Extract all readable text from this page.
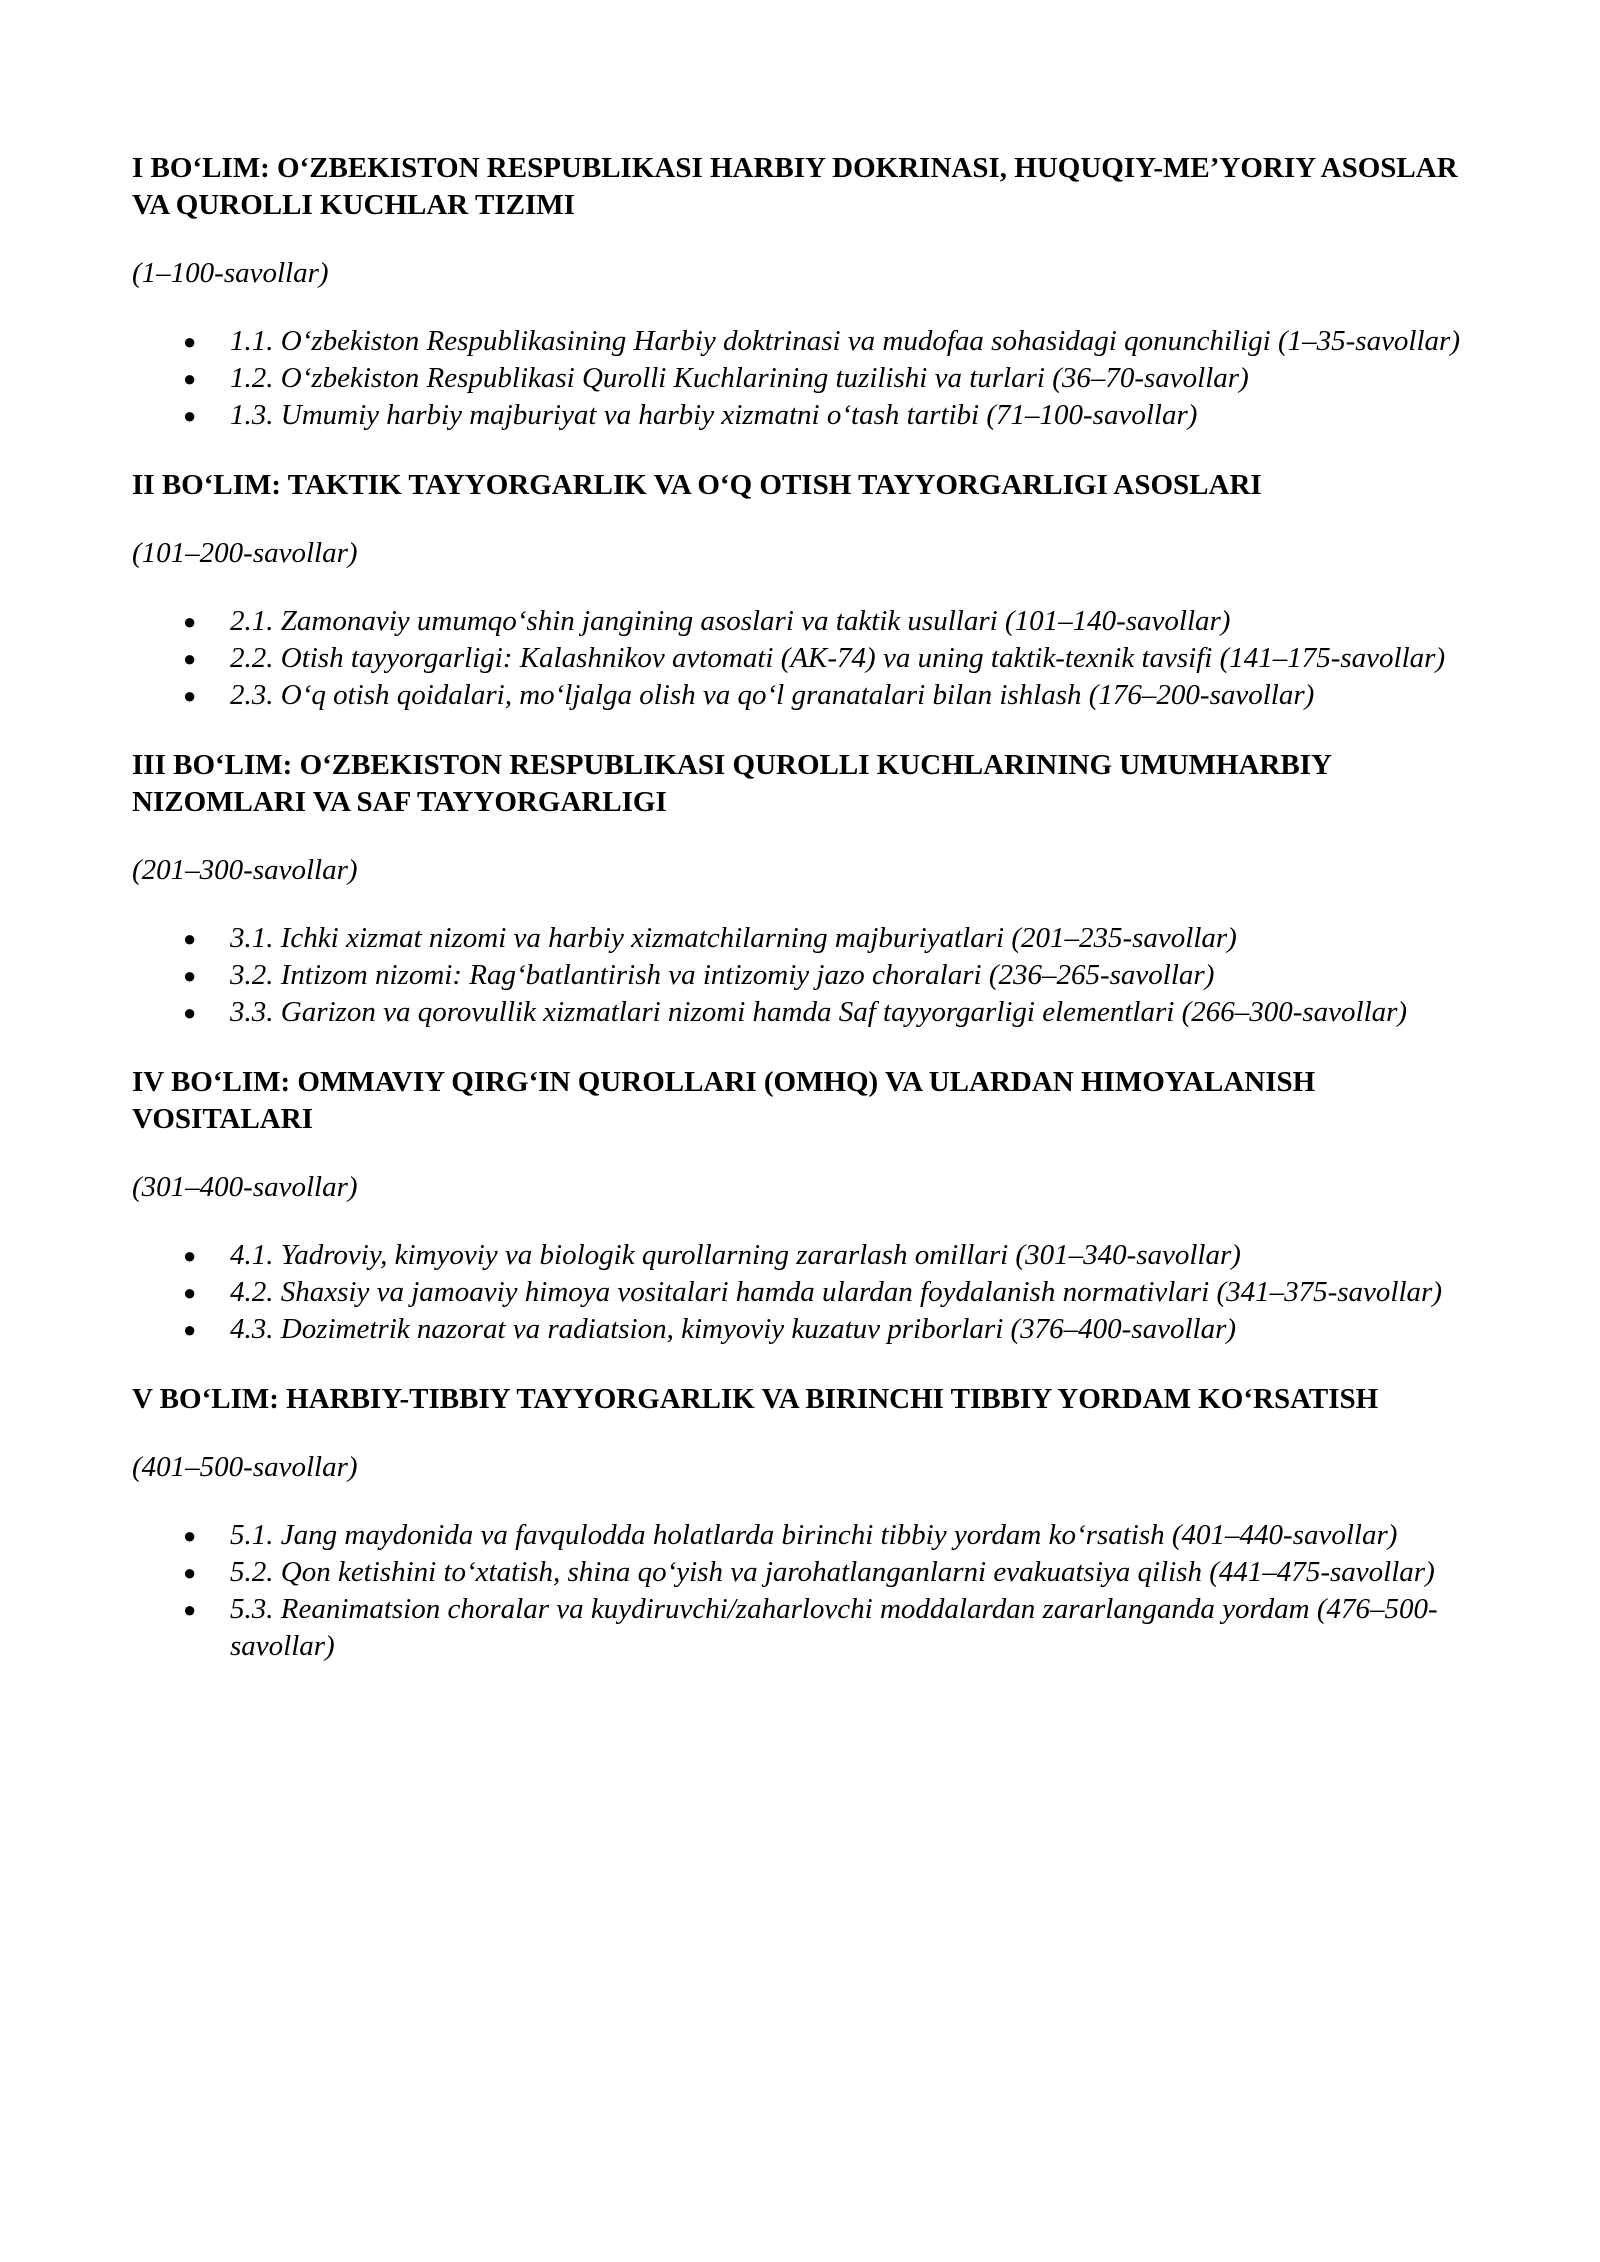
I BO‘LIM: O‘ZBEKISTON RESPUBLIKASI HARBIY DOKRINASI, HUQUQIY-ME’YORIY ASOSLAR VA QUROLLI KUCHLAR TIZIMI
(1–100-savollar)
● 1.1. O‘zbekiston Respublikasining Harbiy doktrinasi va mudofaa sohasidagi qonunchiligi (1–35-savollar)
● 1.2. O‘zbekiston Respublikasi Qurolli Kuchlarining tuzilishi va turlari (36–70-savollar)
● 1.3. Umumiy harbiy majburiyat va harbiy xizmatni o‘tash tartibi (71–100-savollar)
II BO‘LIM: TAKTIK TAYYORGARLIK VA O‘Q OTISH TAYYORGARLIGI ASOSLARI
(101–200-savollar)
● 2.1. Zamonaviy umumqo‘shin jangining asoslari va taktik usullari (101–140-savollar)
● 2.2. Otish tayyorgarligi: Kalashnikov avtomati (AK-74) va uning taktik-texnik tavsifi (141–175-savollar)
● 2.3. O‘q otish qoidalari, mo‘ljalga olish va qo‘l granatalari bilan ishlash (176–200-savollar)
III BO‘LIM: O‘ZBEKISTON RESPUBLIKASI QUROLLI KUCHLARINING UMUMHARBIY NIZOMLARI VA SAF TAYYORGARLIGI
(201–300-savollar)
● 3.1. Ichki xizmat nizomi va harbiy xizmatchilarning majburiyatlari (201–235-savollar)
● 3.2. Intizom nizomi: Rag‘batlantirish va intizomiy jazo choralari (236–265-savollar)
● 3.3. Garizon va qorovullik xizmatlari nizomi hamda Saf tayyorgarligi elementlari (266–300-savollar)
IV BO‘LIM: OMMAVIY QIRG‘IN QUROLLARI (OMHQ) VA ULARDAN HIMOYALANISH VOSITALARI
(301–400-savollar)
● 4.1. Yadroviy, kimyoviy va biologik qurollarning zararlash omillari (301–340-savollar)
● 4.2. Shaxsiy va jamoaviy himoya vositalari hamda ulardan foydalanish normativlari (341–375-savollar)
● 4.3. Dozimetrik nazorat va radiatsion, kimyoviy kuzatuv priborlari (376–400-savollar)
V BO‘LIM: HARBIY-TIBBIY TAYYORGARLIK VA BIRINCHI TIBBIY YORDAM KO‘RSATISH
(401–500-savollar)
● 5.1. Jang maydonida va favqulodda holatlarda birinchi tibbiy yordam ko‘rsatish (401–440-savollar)
● 5.2. Qon ketishini to‘xtatish, shina qo‘yish va jarohatlanganlarni evakuatsiya qilish (441–475-savollar)
● 5.3. Reanimatsion choralar va kuydiruvchi/zaharlovchi moddalardan zararlanganda yordam (476–500-savollar)
